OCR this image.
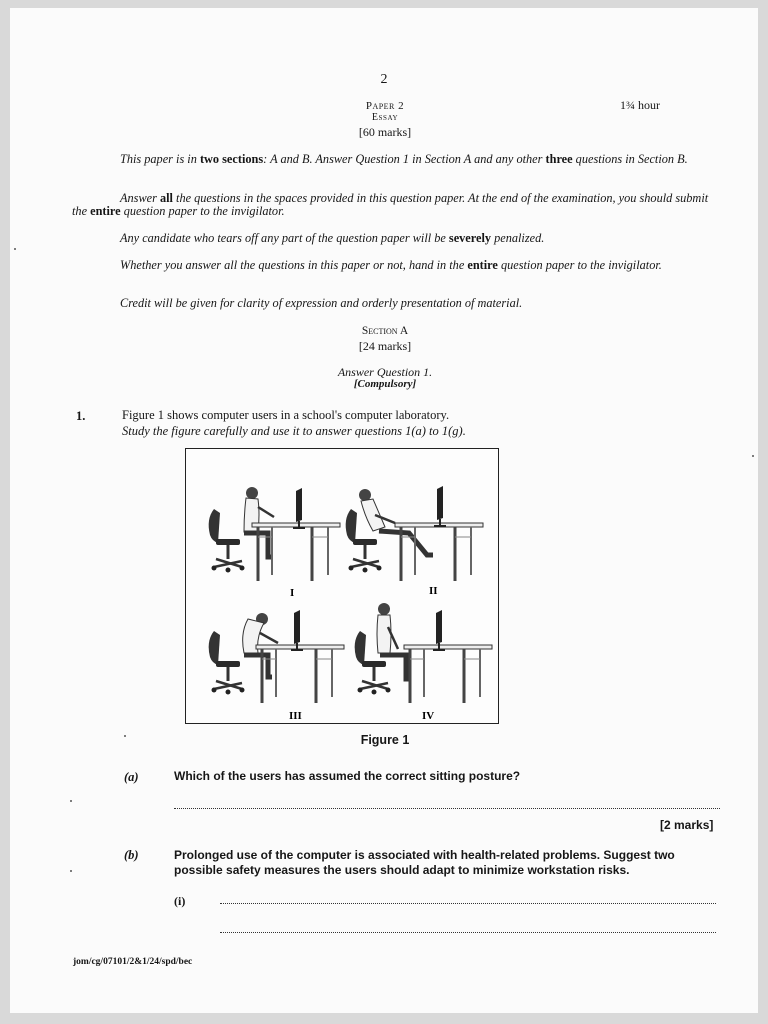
2
Paper 2
Essay
[60 marks]
1¾ hour
This paper is in two sections: A and B. Answer Question 1 in Section A and any other three questions in Section B.
Answer all the questions in the spaces provided in this question paper. At the end of the examination, you should submit the entire question paper to the invigilator.
Any candidate who tears off any part of the question paper will be severely penalized.
Whether you answer all the questions in this paper or not, hand in the entire question paper to the invigilator.
Credit will be given for clarity of expression and orderly presentation of material.
Section A
[24 marks]
Answer Question 1.
[Compulsory]
1.	Figure 1 shows computer users in a school's computer laboratory.
Study the figure carefully and use it to answer questions 1(a) to 1(g).
I	II
III	IV
Figure 1
(a)	Which of the users has assumed the correct sitting posture?
[2 marks]
(b)	Prolonged use of the computer is associated with health-related problems. Suggest two possible safety measures the users should adapt to minimize workstation risks.
(i)
jom/cg/07101/2&1/24/spd/bec
